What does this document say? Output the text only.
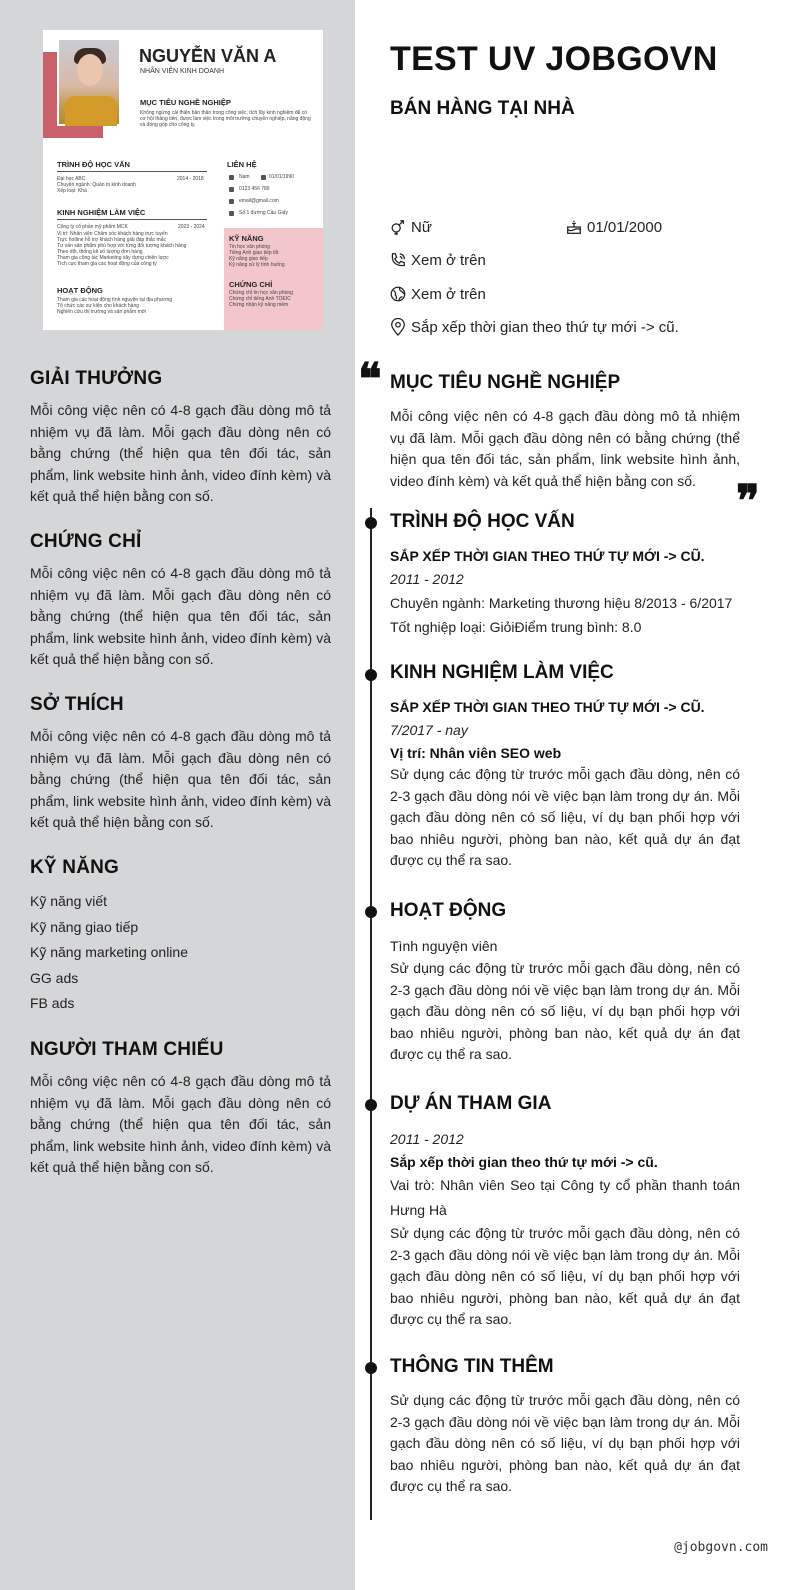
NGUYỄN VĂN A
NHÂN VIÊN KINH DOANH
MỤC TIÊU NGHỀ NGHIỆP
Không ngừng cải thiện bản thân trong công việc, tích lũy kinh nghiệm để có cơ hội thăng tiến, được làm việc trong môi trường chuyên nghiệp, năng động và đóng góp cho công ty.
TRÌNH ĐỘ HỌC VẤN
Đại học ABC
Chuyên ngành: Quản trị kinh doanh
Xếp loại: Khá
2014 - 2018
KINH NGHIỆM LÀM VIỆC
Công ty cổ phần mỹ phẩm MCK	2023 - 2024
Vị trí: Nhân viên Chăm sóc khách hàng trực tuyến
Trực hotline hỗ trợ khách hàng giải đáp thắc mắc
Tư vấn sản phẩm phù hợp với từng đối tượng khách hàng
Theo dõi, thống kê số lượng đơn hàng
Tham gia công tác Marketing xây dựng chiến lược
Tích cực tham gia các hoạt động của công ty
HOẠT ĐỘNG
Tham gia các hoạt động tình nguyện tại địa phương
Tổ chức các sự kiện cho khách hàng
Nghiên cứu thị trường và sản phẩm mới
LIÊN HỆ
Nam	01/01/1990
0123 456 789
email@gmail.com
Số 1 đường Cầu Giấy
KỸ NĂNG
Tin học văn phòng
Tiếng Anh giao tiếp tốt
Kỹ năng giao tiếp
Kỹ năng xử lý tình huống
CHỨNG CHỈ
Chứng chỉ tin học văn phòng
Chứng chỉ tiếng Anh TOEIC
Chứng nhận kỹ năng mềm
GIẢI THƯỞNG

Mỗi công việc nên có 4-8 gạch đầu dòng mô tả nhiệm vụ đã làm. Mỗi gạch đầu dòng nên có bằng chứng (thể hiện qua tên đối tác, sản phẩm, link website hình ảnh, video đính kèm) và kết quả thể hiện bằng con số.

CHỨNG CHỈ

Mỗi công việc nên có 4-8 gạch đầu dòng mô tả nhiệm vụ đã làm. Mỗi gạch đầu dòng nên có bằng chứng (thể hiện qua tên đối tác, sản phẩm, link website hình ảnh, video đính kèm) và kết quả thể hiện bằng con số.

SỞ THÍCH

Mỗi công việc nên có 4-8 gạch đầu dòng mô tả nhiệm vụ đã làm. Mỗi gạch đầu dòng nên có bằng chứng (thể hiện qua tên đối tác, sản phẩm, link website hình ảnh, video đính kèm) và kết quả thể hiện bằng con số.

KỸ NĂNG
Kỹ năng viết
Kỹ năng giao tiếp
Kỹ năng marketing online
GG ads
FB ads
NGƯỜI THAM CHIẾU

Mỗi công việc nên có 4-8 gạch đầu dòng mô tả nhiệm vụ đã làm. Mỗi gạch đầu dòng nên có bằng chứng (thể hiện qua tên đối tác, sản phẩm, link website hình ảnh, video đính kèm) và kết quả thể hiện bằng con số.

TEST UV JOBGOVN
BÁN HÀNG TẠI NHÀ
Nữ	01/01/2000
Xem ở trên
Xem ở trên
Sắp xếp thời gian theo thứ tự mới -> cũ.
❝ MỤC TIÊU NGHỀ NGHIỆP

Mỗi công việc nên có 4-8 gạch đầu dòng mô tả nhiệm vụ đã làm. Mỗi gạch đầu dòng nên có bằng chứng (thể hiện qua tên đối tác, sản phẩm, link website hình ảnh, video đính kèm) và kết quả thể hiện bằng con số. ❞
TRÌNH ĐỘ HỌC VẤN
SẮP XẾP THỜI GIAN THEO THỨ TỰ MỚI -> CŨ.
2011 - 2012
Chuyên ngành: Marketing thương hiệu 8/2013 - 6/2017
Tốt nghiệp loại: GiỏiĐiểm trung bình: 8.0
KINH NGHIỆM LÀM VIỆC
SẮP XẾP THỜI GIAN THEO THỨ TỰ MỚI -> CŨ.
7/2017 - nay
Vị trí: Nhân viên SEO web

Sử dụng các động từ trước mỗi gạch đầu dòng, nên có 2-3 gạch đầu dòng nói về việc bạn làm trong dự án. Mỗi gạch đầu dòng nên có số liệu, ví dụ bạn phối hợp với bao nhiêu người, phòng ban nào, kết quả dự án đạt được cụ thể ra sao.

HOẠT ĐỘNG
Tình nguyện viên

Sử dụng các động từ trước mỗi gạch đầu dòng, nên có 2-3 gạch đầu dòng nói về việc bạn làm trong dự án. Mỗi gạch đầu dòng nên có số liệu, ví dụ bạn phối hợp với bao nhiêu người, phòng ban nào, kết quả dự án đạt được cụ thể ra sao.

DỰ ÁN THAM GIA
2011 - 2012
Sắp xếp thời gian theo thứ tự mới -> cũ.

Vai trò: Nhân viên Seo tại Công ty cổ phần thanh toán Hưng Hà

Sử dụng các động từ trước mỗi gạch đầu dòng, nên có 2-3 gạch đầu dòng nói về việc bạn làm trong dự án. Mỗi gạch đầu dòng nên có số liệu, ví dụ bạn phối hợp với bao nhiêu người, phòng ban nào, kết quả dự án đạt được cụ thể ra sao.

THÔNG TIN THÊM

Sử dụng các động từ trước mỗi gạch đầu dòng, nên có 2-3 gạch đầu dòng nói về việc bạn làm trong dự án. Mỗi gạch đầu dòng nên có số liệu, ví dụ bạn phối hợp với bao nhiêu người, phòng ban nào, kết quả dự án đạt được cụ thể ra sao.

@jobgovn.com
